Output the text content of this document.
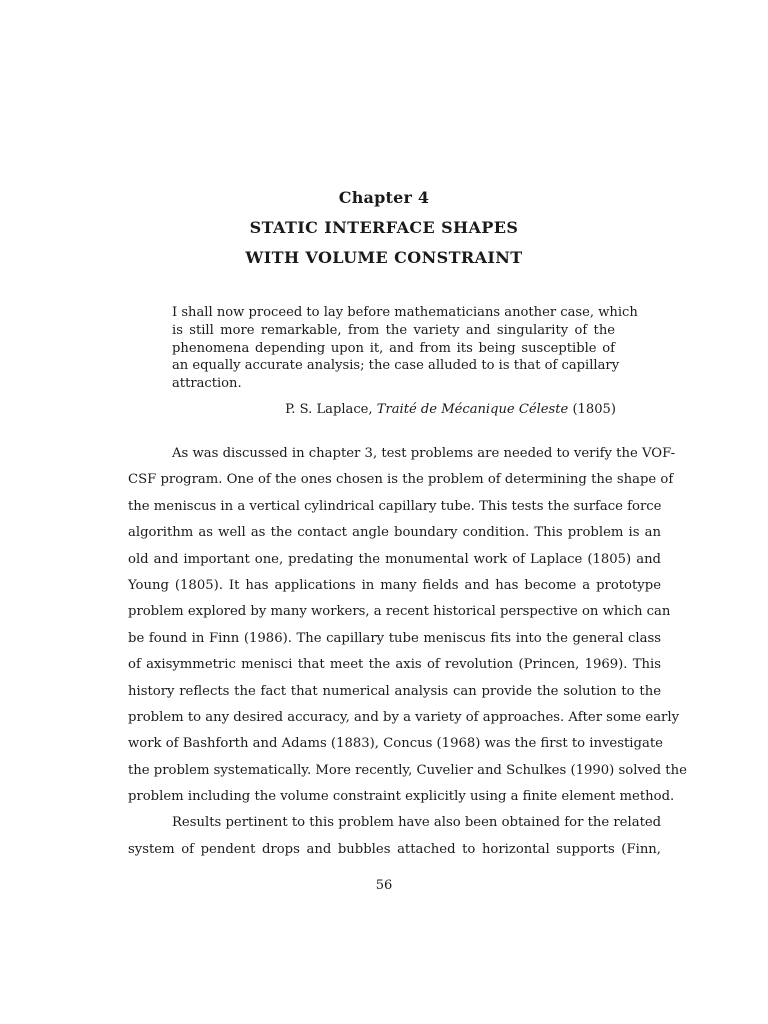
Chapter 4
STATIC INTERFACE SHAPES
WITH VOLUME CONSTRAINT
I shall now proceed to lay before mathematicians another case, which
is still more remarkable, from the variety and singularity of the
phenomena depending upon it, and from its being susceptible of
an equally accurate analysis; the case alluded to is that of capillary
attraction.
P. S. Laplace, Traité de Mécanique Céleste (1805)
As was discussed in chapter 3, test problems are needed to verify the VOF-
CSF program. One of the ones chosen is the problem of determining the shape of
the meniscus in a vertical cylindrical capillary tube. This tests the surface force
algorithm as well as the contact angle boundary condition. This problem is an
old and important one, predating the monumental work of Laplace (1805) and
Young (1805). It has applications in many fields and has become a prototype
problem explored by many workers, a recent historical perspective on which can
be found in Finn (1986). The capillary tube meniscus fits into the general class
of axisymmetric menisci that meet the axis of revolution (Princen, 1969). This
history reflects the fact that numerical analysis can provide the solution to the
problem to any desired accuracy, and by a variety of approaches. After some early
work of Bashforth and Adams (1883), Concus (1968) was the first to investigate
the problem systematically. More recently, Cuvelier and Schulkes (1990) solved the
problem including the volume constraint explicitly using a finite element method.
Results pertinent to this problem have also been obtained for the related
system of pendent drops and bubbles attached to horizontal supports (Finn,
56
